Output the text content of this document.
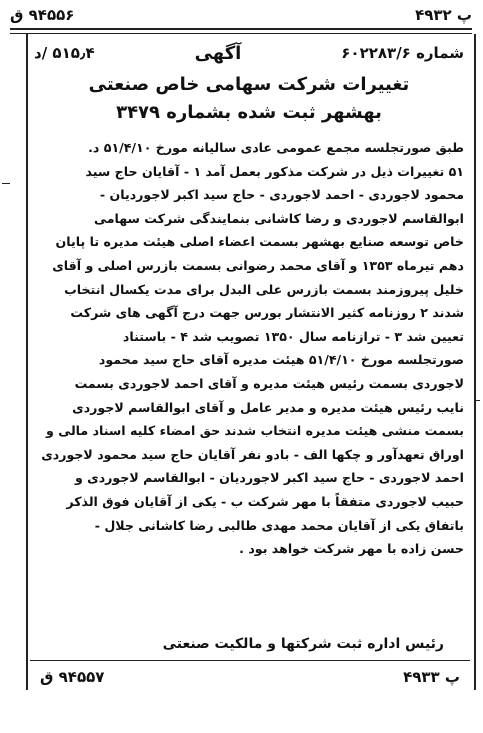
پ ۴۹۳۲
۹۴۵۵۶ ق
شماره ۶۰۲۲۸۳/۶
آگهی
۵۱۵٫۴ /د
تغییرات شرکت سهامی خاص صنعتی
بهشهر ثبت شده بشماره ۳۴۷۹
طبق صورتجلسه مجمع عمومی عادی سالیانه مورخ ۵۱/۴/۱۰ د.
۵۱ تغییرات ذیل در شرکت مذکور بعمل آمد ۱ - آقایان حاج سید
محمود لاجوردی - احمد لاجوردی - حاج سید اکبر لاجوردیان -
ابوالقاسم لاجوردی و رضا کاشانی بنمایندگی شرکت سهامی
خاص توسعه صنایع بهشهر بسمت اعضاء اصلی هیئت مدیره تا پایان
دهم تیرماه ۱۳۵۳ و آقای محمد رضوانی بسمت بازرس اصلی و آقای
خلیل پیروزمند بسمت بازرس علی البدل برای مدت یکسال انتخاب
شدند ۲ روزنامه کثیر الانتشار بورس جهت درج آگهی های شرکت
تعیین شد ۳ - ترازنامه سال ۱۳۵۰ تصویب شد ۴ - باستناد
صورتجلسه مورخ ۵۱/۴/۱۰ هیئت مدیره آقای حاج سید محمود
لاجوردی بسمت رئیس هیئت مدیره و آقای احمد لاجوردی بسمت
نایب رئیس هیئت مدیره و مدیر عامل و آقای ابوالقاسم لاجوردی
بسمت منشی هیئت مدیره انتخاب شدند حق امضاء کلیه اسناد مالی و
اوراق تعهدآور و چکها الف - بادو نفر آقایان حاج سید محمود لاجوردی
احمد لاجوردی - حاج سید اکبر لاجوردیان - ابوالقاسم لاجوردی و
حبیب لاجوردی متفقاً با مهر شرکت ب - یکی از آقایان فوق الذکر
باتفاق یکی از آقایان محمد مهدی طالبی رضا کاشانی جلال -
حسن زاده با مهر شرکت خواهد بود .
رئیس اداره ثبت شرکتها و مالکیت صنعتی
پ ۴۹۳۳
۹۴۵۵۷ ق
